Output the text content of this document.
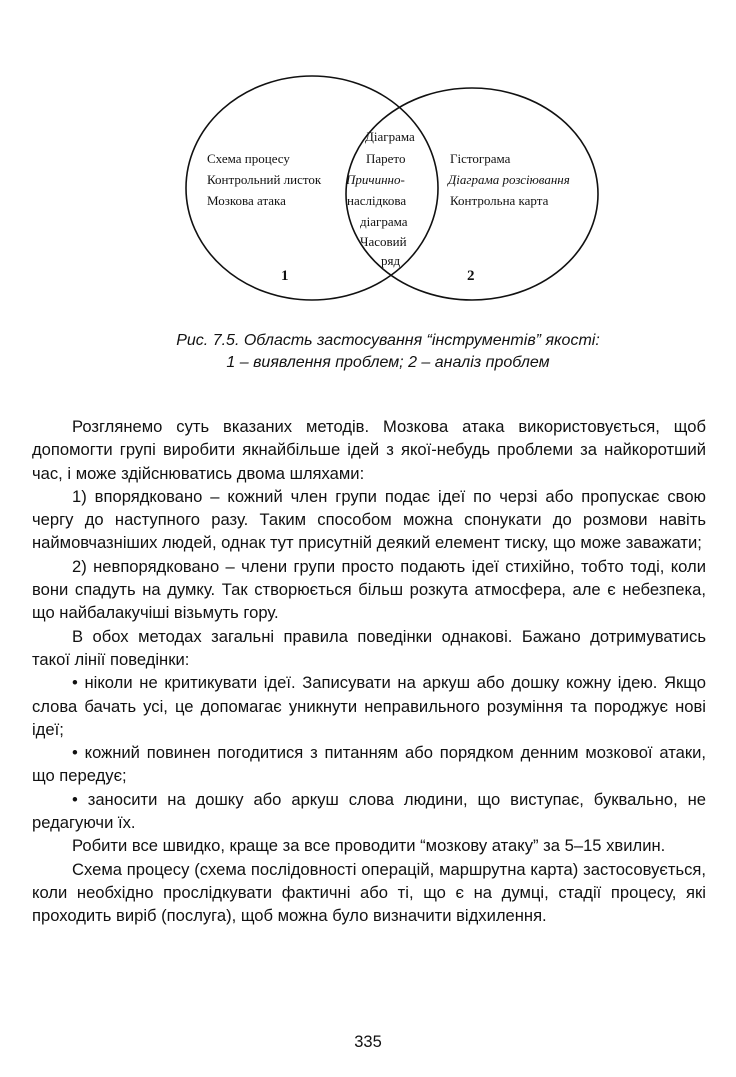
Схема процесу
Контрольний листок
Мозкова атака
Діаграма
Парето
Причинно-
наслідкова
діаграма
Часовий
ряд
Гістограма
Діаграма розсіювання
Контрольна карта
1	2
Рис. 7.5. Область застосування “інструментів” якості:
1 – виявлення проблем; 2 – аналіз проблем

Розглянемо суть вказаних методів. Мозкова атака використовується, щоб допомогти групі виробити якнайбільше ідей з якої-небудь проблеми за найкоротший час, і може здійснюватись двома шляхами:

1) впорядковано – кожний член групи подає ідеї по черзі або пропускає свою чергу до наступного разу. Таким способом можна спонукати до розмови навіть наймовчазніших людей, однак тут присутній деякий елемент тиску, що може заважати;

2) невпорядковано – члени групи просто подають ідеї стихійно, тобто тоді, коли вони спадуть на думку. Так створюється більш розкута атмосфера, але є небезпека, що найбалакучіші візьмуть гору.

В обох методах загальні правила поведінки однакові. Бажано дотримуватись такої лінії поведінки:

• ніколи не критикувати ідеї. Записувати на аркуш або дошку кожну ідею. Якщо слова бачать усі, це допомагає уникнути неправильного розуміння та породжує нові ідеї;

• кожний повинен погодитися з питанням або порядком денним мозкової атаки, що передує;

• заносити на дошку або аркуш слова людини, що виступає, буквально, не редагуючи їх.

Робити все швидко, краще за все проводити “мозкову атаку” за 5–15 хвилин.

Схема процесу (схема послідовності операцій, маршрутна карта) застосовується, коли необхідно прослідкувати фактичні або ті, що є на думці, стадії процесу, які проходить виріб (послуга), щоб можна було визначити відхилення.

335
